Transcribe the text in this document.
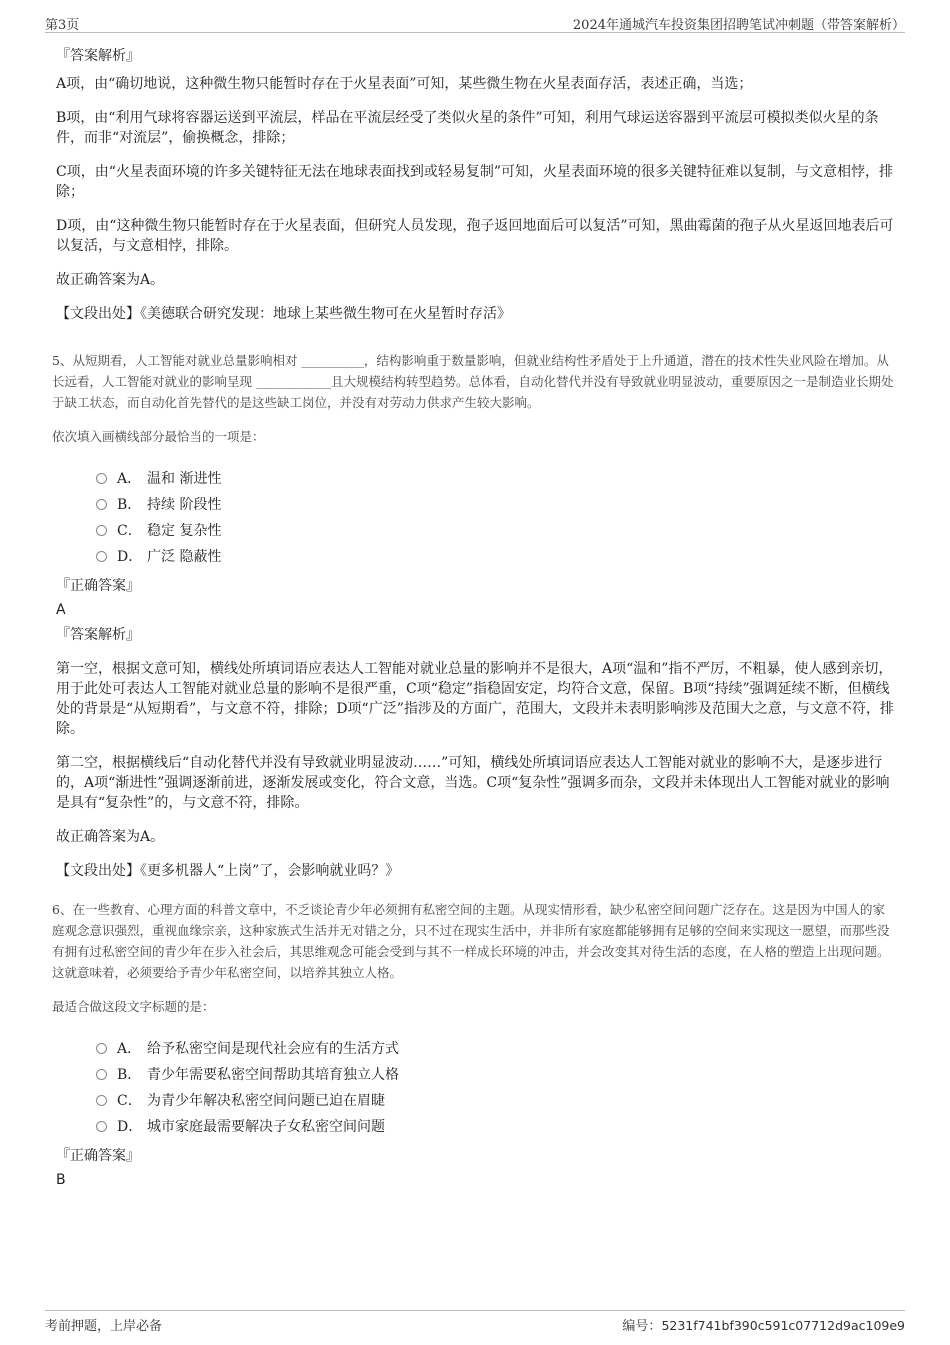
第3页	2024年通城汽车投资集团招聘笔试冲刺题（带答案解析）
『答案解析』

A项，由“确切地说，这种微生物只能暂时存在于火星表面”可知，某些微生物在火星表面存活，表述正确，当选；

B项，由“利用气球将容器运送到平流层，样品在平流层经受了类似火星的条件”可知，利用气球运送容器到平流层可模拟类似火星的条件，而非“对流层”，偷换概念，排除；

C项，由“火星表面环境的许多关键特征无法在地球表面找到或轻易复制”可知，火星表面环境的很多关键特征难以复制，与文意相悖，排除；

D项，由“这种微生物只能暂时存在于火星表面，但研究人员发现，孢子返回地面后可以复活”可知，黑曲霉菌的孢子从火星返回地表后可以复活，与文意相悖，排除。

故正确答案为A。

【文段出处】《美德联合研究发现：地球上某些微生物可在火星暂时存活》

5、从短期看，人工智能对就业总量影响相对 __________，结构影响重于数量影响，但就业结构性矛盾处于上升通道，潜在的技术性失业风险在增加。从长远看，人工智能对就业的影响呈现 ____________且大规模结构转型趋势。总体看，自动化替代并没有导致就业明显波动，重要原因之一是制造业长期处于缺工状态，而自动化首先替代的是这些缺工岗位，并没有对劳动力供求产生较大影响。

依次填入画横线部分最恰当的一项是：

A． 温和 渐进性
B． 持续 阶段性
C． 稳定 复杂性
D． 广泛 隐蔽性
『正确答案』
A
『答案解析』

第一空，根据文意可知，横线处所填词语应表达人工智能对就业总量的影响并不是很大，A项“温和”指不严厉，不粗暴，使人感到亲切，用于此处可表达人工智能对就业总量的影响不是很严重，C项“稳定”指稳固安定，均符合文意，保留。B项“持续”强调延续不断，但横线处的背景是“从短期看”，与文意不符，排除；D项“广泛”指涉及的方面广，范围大，文段并未表明影响涉及范围大之意，与文意不符，排除。

第二空，根据横线后“自动化替代并没有导致就业明显波动……”可知，横线处所填词语应表达人工智能对就业的影响不大，是逐步进行的，A项“渐进性”强调逐渐前进，逐渐发展或变化，符合文意，当选。C项“复杂性”强调多而杂，文段并未体现出人工智能对就业的影响是具有“复杂性”的，与文意不符，排除。

故正确答案为A。

【文段出处】《更多机器人“上岗”了，会影响就业吗？》

6、在一些教育、心理方面的科普文章中，不乏谈论青少年必须拥有私密空间的主题。从现实情形看，缺少私密空间问题广泛存在。这是因为中国人的家庭观念意识强烈，重视血缘宗亲，这种家族式生活并无对错之分，只不过在现实生活中，并非所有家庭都能够拥有足够的空间来实现这一愿望，而那些没有拥有过私密空间的青少年在步入社会后，其思维观念可能会受到与其不一样成长环境的冲击，并会改变其对待生活的态度，在人格的塑造上出现问题。这就意味着，必须要给予青少年私密空间，以培养其独立人格。

最适合做这段文字标题的是：

A． 给予私密空间是现代社会应有的生活方式
B． 青少年需要私密空间帮助其培育独立人格
C． 为青少年解决私密空间问题已迫在眉睫
D． 城市家庭最需要解决子女私密空间问题
『正确答案』
B
考前押题，上岸必备	编号：5231f741bf390c591c07712d9ac109e9
